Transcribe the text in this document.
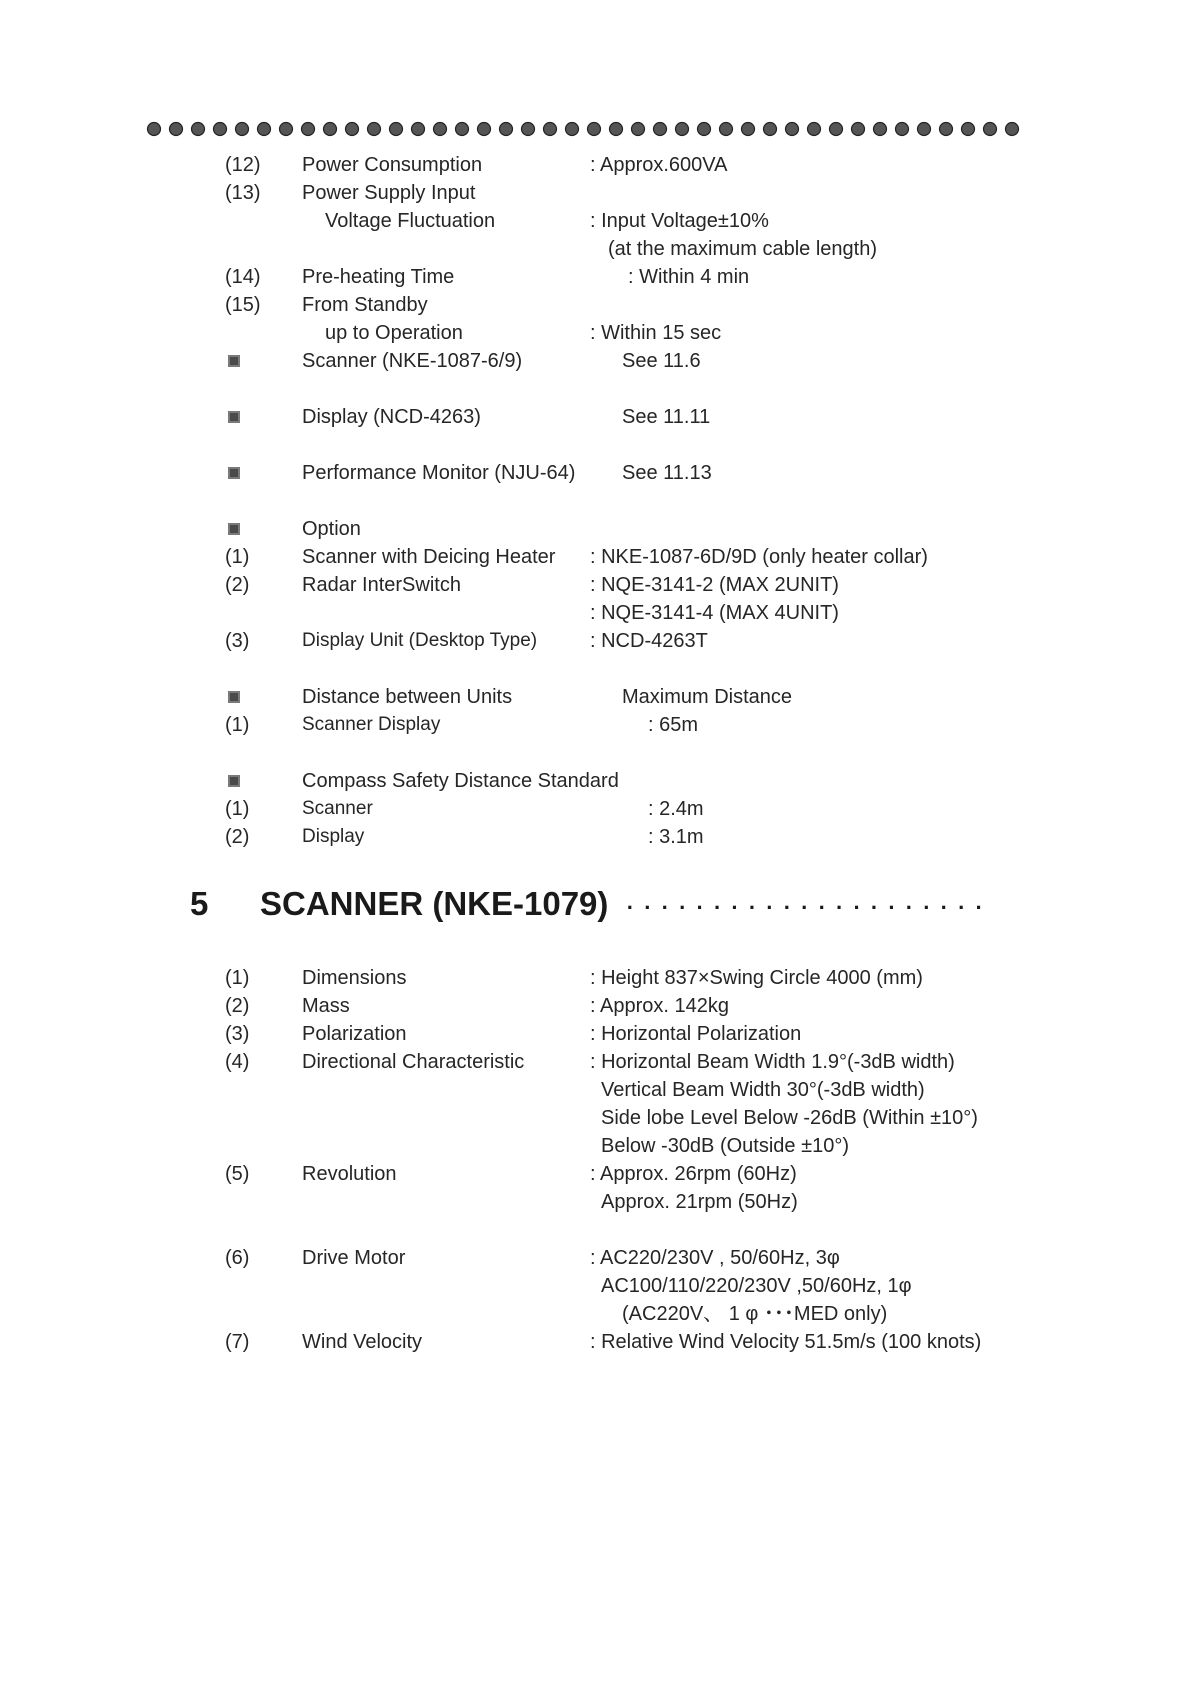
(12) Power Consumption	: Approx.600VA
(13) Power Supply Input
Voltage Fluctuation	: Input Voltage±10%
(at the maximum cable length)
(14) Pre-heating Time	: Within 4 min
(15) From Standby
up to Operation	: Within 15 sec
Scanner (NKE-1087-6/9)	See 11.6
Display (NCD-4263)	See 11.11
Performance Monitor (NJU-64) See 11.13
Option
(1)	Scanner with Deicing Heater : NKE-1087-6D/9D (only heater collar)
(2)	Radar InterSwitch	: NQE-3141-2 (MAX 2UNIT)
: NQE-3141-4 (MAX 4UNIT)
(3)	Display Unit (Desktop Type)	: NCD-4263T
Distance between Units	Maximum Distance
(1)	Scanner Display	: 65m
Compass Safety Distance Standard
(1)	Scanner	: 2.4m
(2)	Display	: 3.1m
5 SCANNER (NKE-1079) · · · · · · · · · · · · · · · · · · · · ·
(1)	Dimensions	: Height 837×Swing Circle 4000 (mm)
(2)	Mass	: Approx. 142kg
(3)	Polarization	: Horizontal Polarization
(4)	Directional Characteristic	: Horizontal Beam Width 1.9°(-3dB width)
Vertical Beam Width 30°(-3dB width)
Side lobe Level Below -26dB (Within ±10°)
Below -30dB (Outside ±10°)
(5)	Revolution	: Approx. 26rpm (60Hz)
Approx. 21rpm (50Hz)
(6)	Drive Motor	: AC220/230V , 50/60Hz, 3φ
AC100/110/220/230V ,50/60Hz, 1φ
(AC220V、 1 φ ･･･MED only)
(7)	Wind Velocity	: Relative Wind Velocity 51.5m/s (100 knots)
